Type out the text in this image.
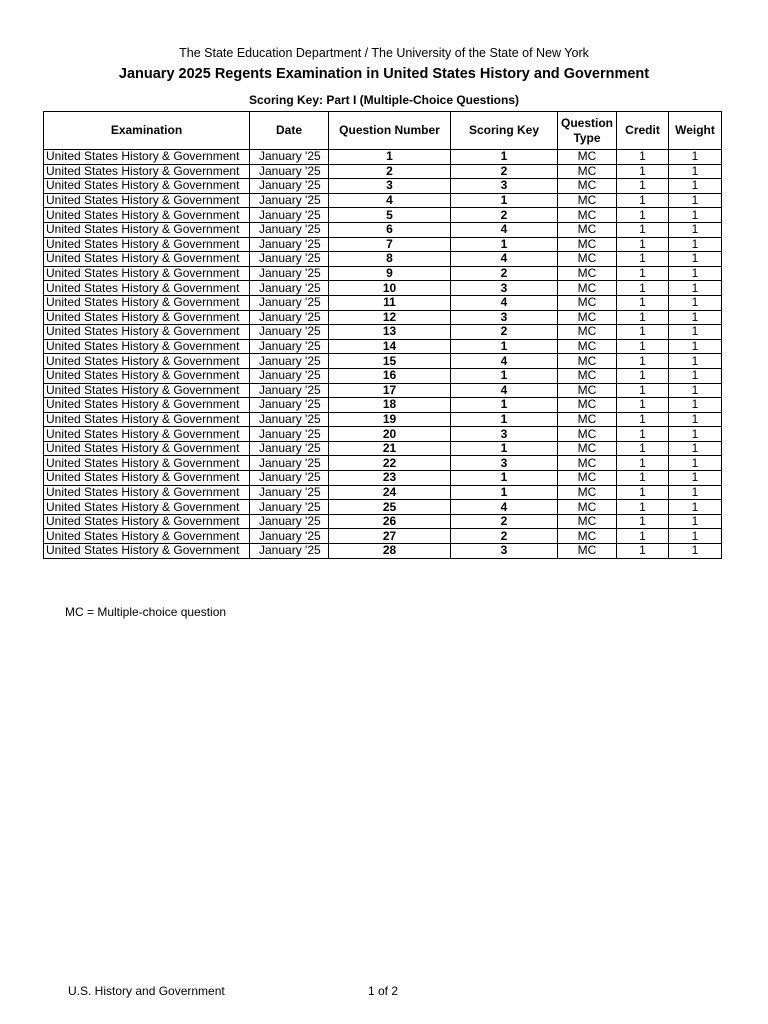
The State Education Department / The University of the State of New York
January 2025 Regents Examination in United States History and Government
Scoring Key: Part I (Multiple-Choice Questions)
Examination	Date	Question Number	Scoring Key	Question Type	Credit	Weight
United States History & Government	January '25	1	1	MC	1	1
United States History & Government	January '25	2	2	MC	1	1
United States History & Government	January '25	3	3	MC	1	1
United States History & Government	January '25	4	1	MC	1	1
United States History & Government	January '25	5	2	MC	1	1
United States History & Government	January '25	6	4	MC	1	1
United States History & Government	January '25	7	1	MC	1	1
United States History & Government	January '25	8	4	MC	1	1
United States History & Government	January '25	9	2	MC	1	1
United States History & Government	January '25	10	3	MC	1	1
United States History & Government	January '25	11	4	MC	1	1
United States History & Government	January '25	12	3	MC	1	1
United States History & Government	January '25	13	2	MC	1	1
United States History & Government	January '25	14	1	MC	1	1
United States History & Government	January '25	15	4	MC	1	1
United States History & Government	January '25	16	1	MC	1	1
United States History & Government	January '25	17	4	MC	1	1
United States History & Government	January '25	18	1	MC	1	1
United States History & Government	January '25	19	1	MC	1	1
United States History & Government	January '25	20	3	MC	1	1
United States History & Government	January '25	21	1	MC	1	1
United States History & Government	January '25	22	3	MC	1	1
United States History & Government	January '25	23	1	MC	1	1
United States History & Government	January '25	24	1	MC	1	1
United States History & Government	January '25	25	4	MC	1	1
United States History & Government	January '25	26	2	MC	1	1
United States History & Government	January '25	27	2	MC	1	1
United States History & Government	January '25	28	3	MC	1	1
MC = Multiple-choice question
U.S. History and Government	1 of 2
